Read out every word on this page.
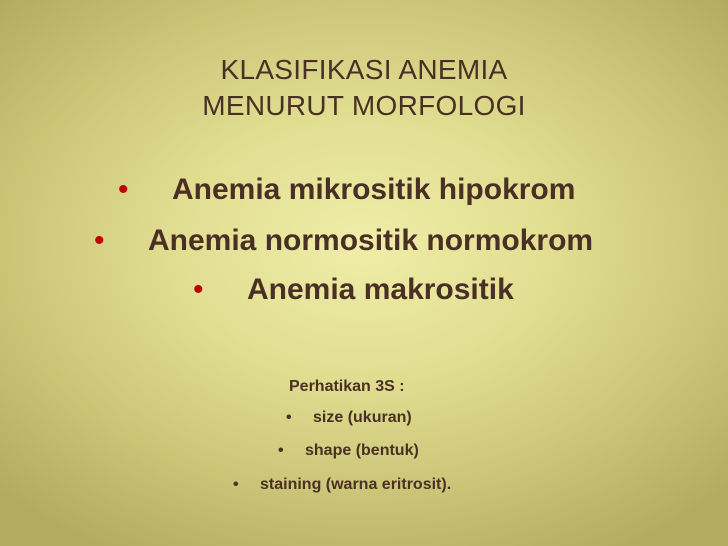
KLASIFIKASI ANEMIA
MENURUT MORFOLOGI
• Anemia mikrositik hipokrom
• Anemia normositik normokrom
• Anemia makrositik
Perhatikan 3S :
• size (ukuran)
• shape (bentuk)
• staining (warna eritrosit).
